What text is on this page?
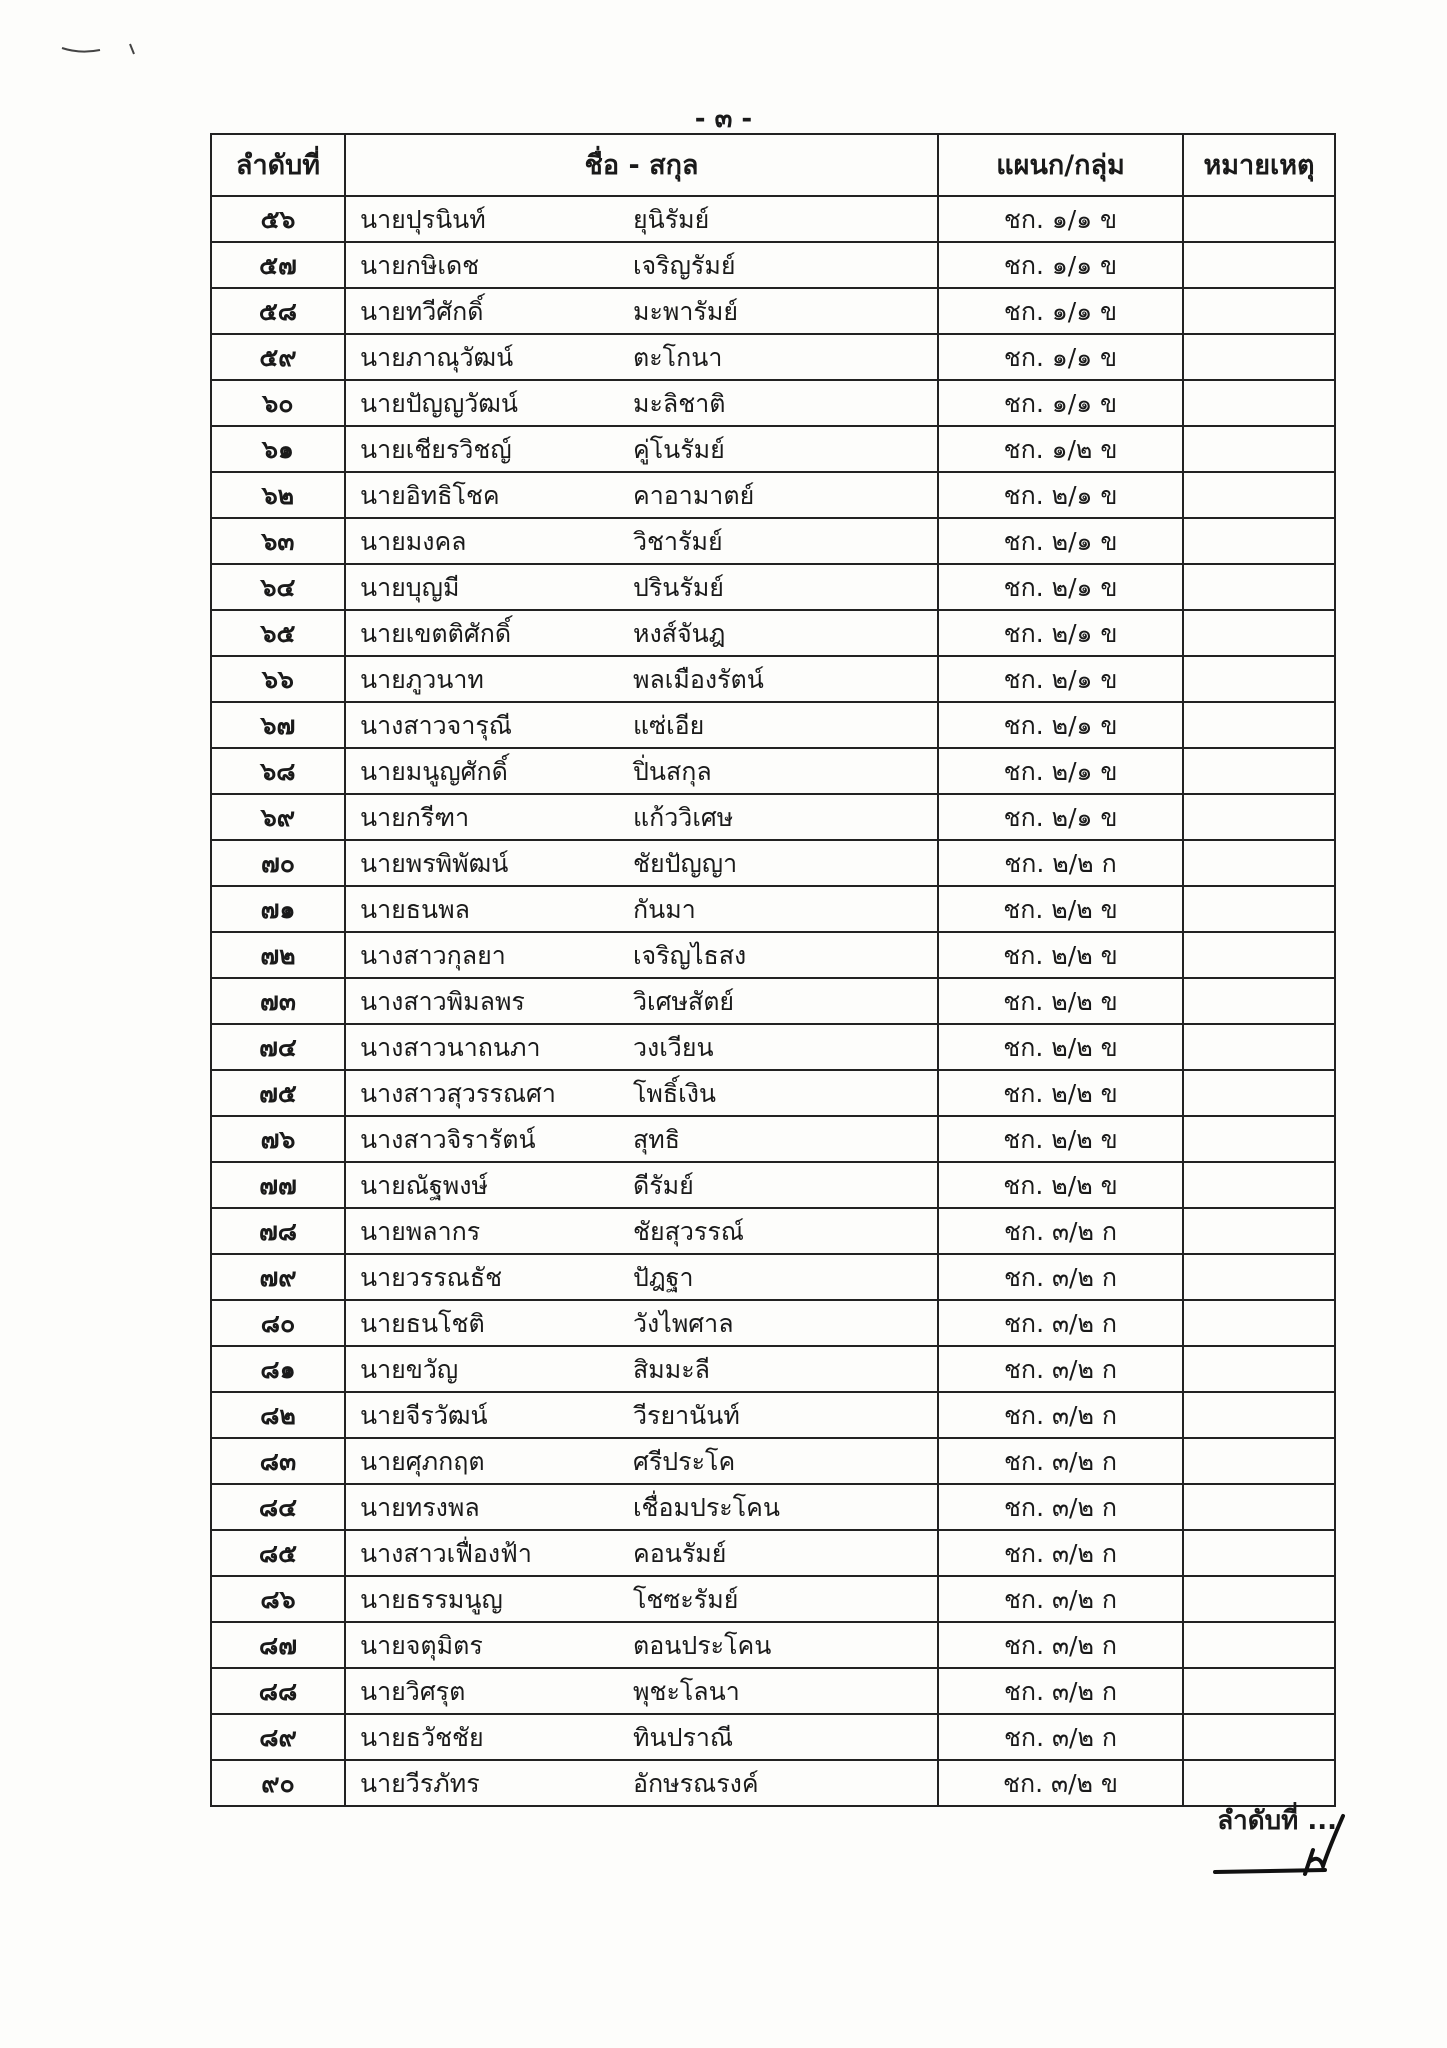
- ๓ -
ลำดับที่	ชื่อ - สกุล		แผนก/กลุ่ม	หมายเหตุ
๕๖	นายปุรนินท์	ยุนิรัมย์	ชก. ๑/๑ ข	
๕๗	นายกษิเดช	เจริญรัมย์	ชก. ๑/๑ ข	
๕๘	นายทวีศักดิ์	มะพารัมย์	ชก. ๑/๑ ข	
๕๙	นายภาณุวัฒน์	ตะโกนา	ชก. ๑/๑ ข	
๖๐	นายปัญญวัฒน์	มะลิชาติ	ชก. ๑/๑ ข	
๖๑	นายเชียรวิชญ์	คู่โนรัมย์	ชก. ๑/๒ ข	
๖๒	นายอิทธิโชค	คาอามาตย์	ชก. ๒/๑ ข	
๖๓	นายมงคล	วิชารัมย์	ชก. ๒/๑ ข	
๖๔	นายบุญมี	ปรินรัมย์	ชก. ๒/๑ ข	
๖๕	นายเขตติศักดิ์	หงส์จันฎ	ชก. ๒/๑ ข	
๖๖	นายภูวนาท	พลเมืองรัตน์	ชก. ๒/๑ ข	
๖๗	นางสาวจารุณี	แซ่เอีย	ชก. ๒/๑ ข	
๖๘	นายมนูญศักดิ์	ปิ่นสกุล	ชก. ๒/๑ ข	
๖๙	นายกรีฑา	แก้ววิเศษ	ชก. ๒/๑ ข	
๗๐	นายพรพิพัฒน์	ชัยปัญญา	ชก. ๒/๒ ก	
๗๑	นายธนพล	กันมา	ชก. ๒/๒ ข	
๗๒	นางสาวกุลยา	เจริญไธสง	ชก. ๒/๒ ข	
๗๓	นางสาวพิมลพร	วิเศษสัตย์	ชก. ๒/๒ ข	
๗๔	นางสาวนาถนภา	วงเวียน	ชก. ๒/๒ ข	
๗๕	นางสาวสุวรรณศา	โพธิ์เงิน	ชก. ๒/๒ ข	
๗๖	นางสาวจิรารัตน์	สุทธิ	ชก. ๒/๒ ข	
๗๗	นายณัฐพงษ์	ดีรัมย์	ชก. ๒/๒ ข	
๗๘	นายพลากร	ชัยสุวรรณ์	ชก. ๓/๒ ก	
๗๙	นายวรรณธัช	ปัฎฐา	ชก. ๓/๒ ก	
๘๐	นายธนโชติ	วังไพศาล	ชก. ๓/๒ ก	
๘๑	นายขวัญ	สิมมะลี	ชก. ๓/๒ ก	
๘๒	นายจีรวัฒน์	วีรยานันท์	ชก. ๓/๒ ก	
๘๓	นายศุภกฤต	ศรีประโค	ชก. ๓/๒ ก	
๘๔	นายทรงพล	เชื่อมประโคน	ชก. ๓/๒ ก	
๘๕	นางสาวเฟื่องฟ้า	คอนรัมย์	ชก. ๓/๒ ก	
๘๖	นายธรรมนูญ	โชซะรัมย์	ชก. ๓/๒ ก	
๘๗	นายจตุมิตร	ตอนประโคน	ชก. ๓/๒ ก	
๘๘	นายวิศรุต	พุชะโลนา	ชก. ๓/๒ ก	
๘๙	นายธวัชชัย	ทินปราณี	ชก. ๓/๒ ก	
๙๐	นายวีรภัทร	อักษรณรงค์	ชก. ๓/๒ ข	
ลำดับที่ ...
